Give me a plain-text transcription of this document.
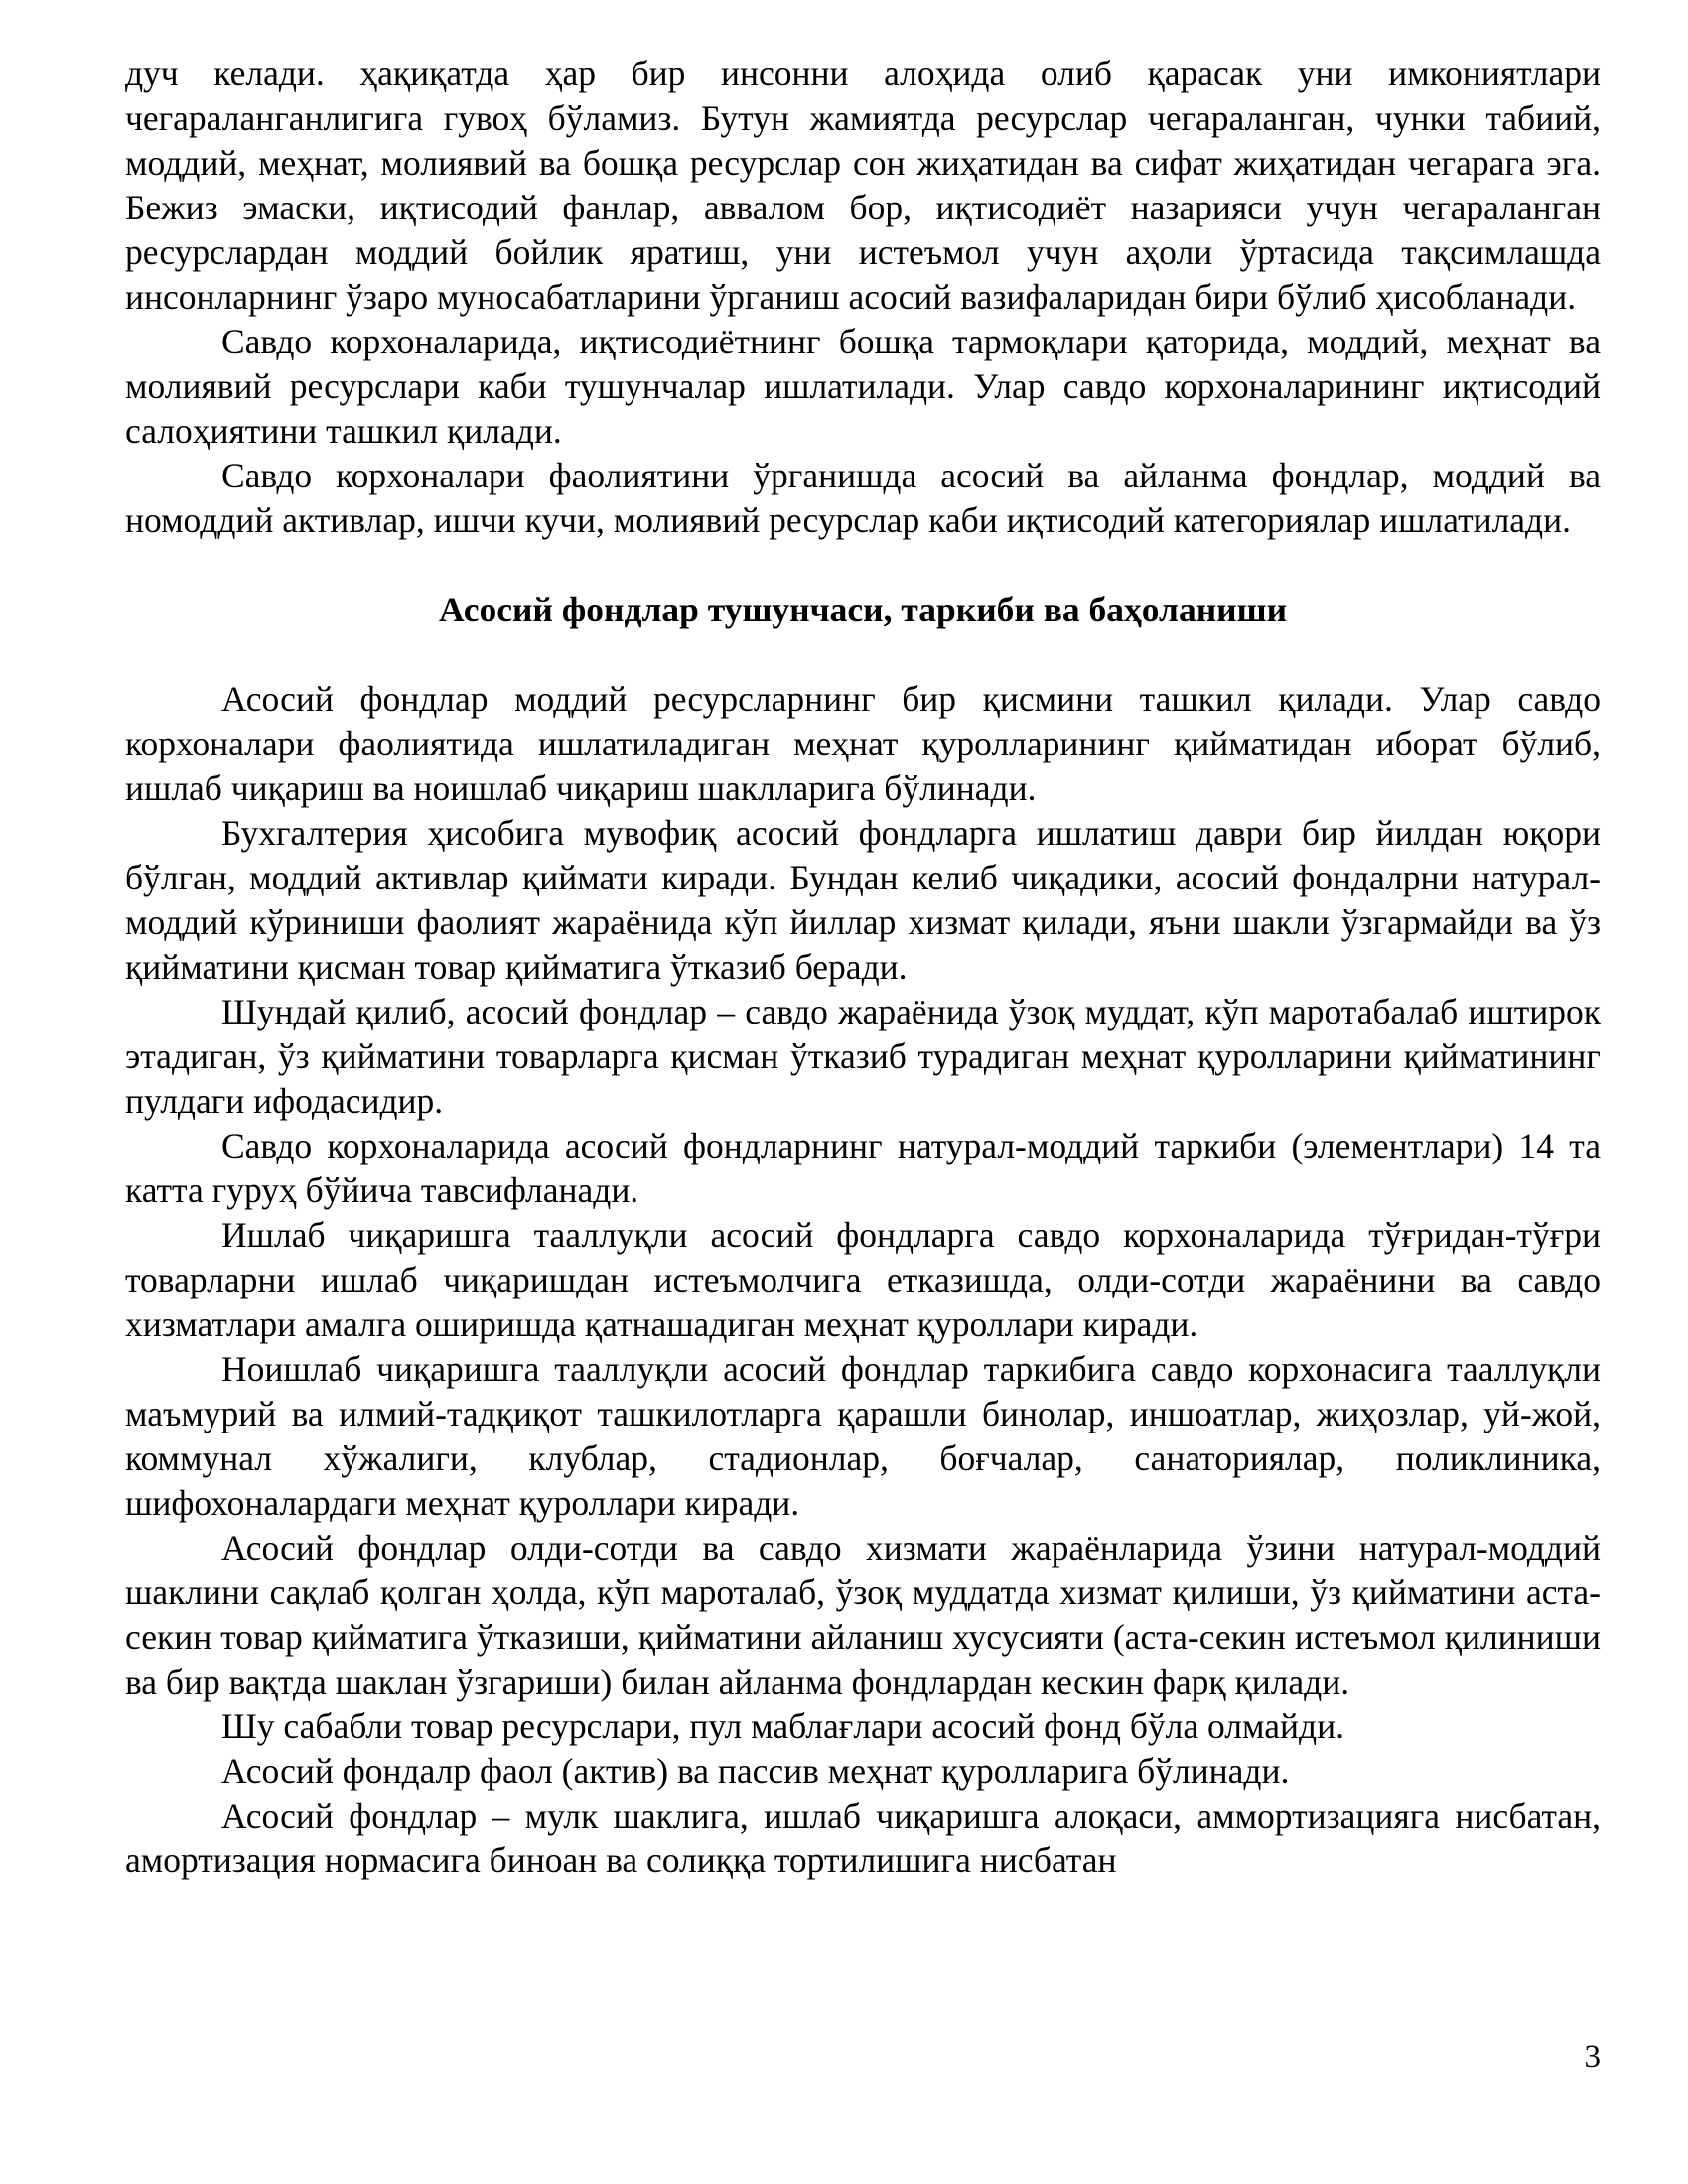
дуч келади. ҳақиқатда ҳар бир инсонни алоҳида олиб қарасак уни имкониятлари чегараланганлигига гувоҳ бўламиз. Бутун жамиятда ресурслар чегараланган, чунки табиий, моддий, меҳнат, молиявий ва бошқа ресурслар сон жиҳатидан ва сифат жиҳатидан чегарага эга. Бежиз эмаски, иқтисодий фанлар, аввалом бор, иқтисодиёт назарияси учун чегараланган ресурслардан моддий бойлик яратиш, уни истеъмол учун аҳоли ўртасида тақсимлашда инсонларнинг ўзаро муносабатларини ўрганиш асосий вазифаларидан бири бўлиб ҳисобланади.

Савдо корхоналарида, иқтисодиётнинг бошқа тармоқлари қаторида, моддий, меҳнат ва молиявий ресурслари каби тушунчалар ишлатилади. Улар савдо корхоналарининг иқтисодий салоҳиятини ташкил қилади.

Савдо корхоналари фаолиятини ўрганишда асосий ва айланма фондлар, моддий ва номоддий активлар, ишчи кучи, молиявий ресурслар каби иқтисодий категориялар ишлатилади.

Асосий фондлар тушунчаси, таркиби ва баҳоланиши

Асосий фондлар моддий ресурсларнинг бир қисмини ташкил қилади. Улар савдо корхоналари фаолиятида ишлатиладиган меҳнат қуролларининг қийматидан иборат бўлиб, ишлаб чиқариш ва ноишлаб чиқариш шаклларига бўлинади.

Бухгалтерия ҳисобига мувофиқ асосий фондларга ишлатиш даври бир йилдан юқори бўлган, моддий активлар қиймати киради. Бундан келиб чиқадики, асосий фондалрни натурал-моддий кўриниши фаолият жараёнида кўп йиллар хизмат қилади, яъни шакли ўзгармайди ва ўз қийматини қисман товар қийматига ўтказиб беради.

Шундай қилиб, асосий фондлар – савдо жараёнида ўзоқ муддат, кўп маротабалаб иштирок этадиган, ўз қийматини товарларга қисман ўтказиб турадиган меҳнат қуролларини қийматининг пулдаги ифодасидир.

Савдо корхоналарида асосий фондларнинг натурал-моддий таркиби (элементлари) 14 та катта гуруҳ бўйича тавсифланади.

Ишлаб чиқаришга тааллуқли асосий фондларга савдо корхоналарида тўғридан-тўғри товарларни ишлаб чиқаришдан истеъмолчига етказишда, олди-сотди жараёнини ва савдо хизматлари амалга оширишда қатнашадиган меҳнат қуроллари киради.

Ноишлаб чиқаришга тааллуқли асосий фондлар таркибига савдо корхонасига тааллуқли маъмурий ва илмий-тадқиқот ташкилотларга қарашли бинолар, иншоатлар, жиҳозлар, уй-жой, коммунал хўжалиги, клублар, стадионлар, боғчалар, санаториялар, поликлиника, шифохоналардаги меҳнат қуроллари киради.

Асосий фондлар олди-сотди ва савдо хизмати жараёнларида ўзини натурал-моддий шаклини сақлаб қолган ҳолда, кўп мароталаб, ўзоқ муддатда хизмат қилиши, ўз қийматини аста-секин товар қийматига ўтказиши, қийматини айланиш хусусияти (аста-секин истеъмол қилиниши ва бир вақтда шаклан ўзгариши) билан айланма фондлардан кескин фарқ қилади.

Шу сабабли товар ресурслари, пул маблағлари асосий фонд бўла олмайди.

Асосий фондалр фаол (актив) ва пассив меҳнат қуролларига бўлинади.

Асосий фондлар – мулк шаклига, ишлаб чиқаришга алоқаси, аммортизацияга нисбатан, амортизация нормасига биноан ва солиққа тортилишига нисбатан

3
